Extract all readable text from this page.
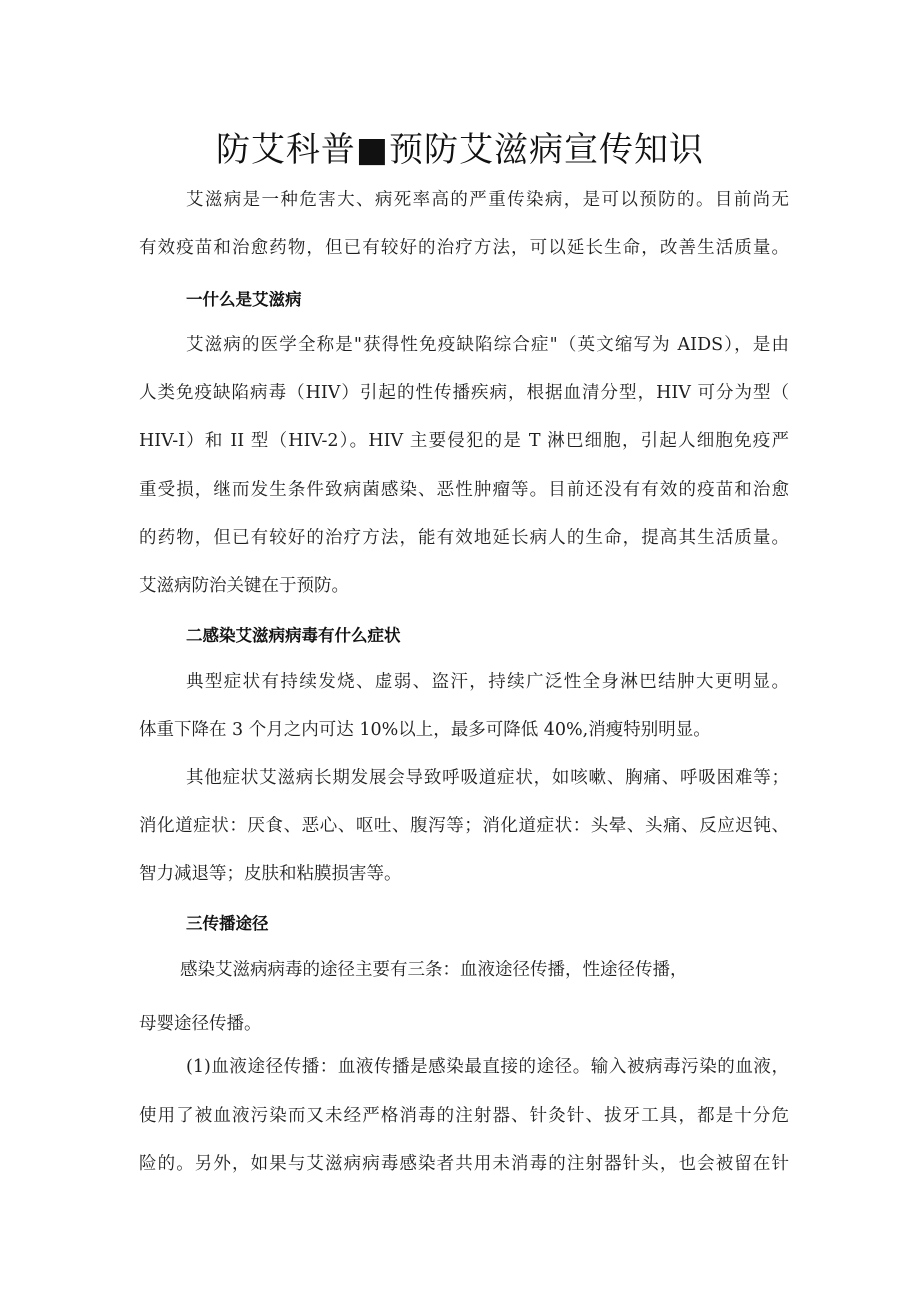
防艾科普■预防艾滋病宣传知识
艾滋病是一种危害大、病死率高的严重传染病，是可以预防的。目前尚无
有效疫苗和治愈药物，但已有较好的治疗方法，可以延长生命，改善生活质量。
一什么是艾滋病
艾滋病的医学全称是"获得性免疫缺陷综合症"（英文缩写为 AIDS），是由
人类免疫缺陷病毒（HIV）引起的性传播疾病，根据血清分型，HIV 可分为型（
HIV-I）和 II 型（HIV-2）。HIV 主要侵犯的是 T 淋巴细胞，引起人细胞免疫严
重受损，继而发生条件致病菌感染、恶性肿瘤等。目前还没有有效的疫苗和治愈
的药物，但已有较好的治疗方法，能有效地延长病人的生命，提高其生活质量。
艾滋病防治关键在于预防。
二感染艾滋病病毒有什么症状
典型症状有持续发烧、虚弱、盗汗，持续广泛性全身淋巴结肿大更明显。
体重下降在 3 个月之内可达 10%以上，最多可降低 40%,消瘦特别明显。
其他症状艾滋病长期发展会导致呼吸道症状，如咳嗽、胸痛、呼吸困难等；
消化道症状：厌食、恶心、呕吐、腹泻等；消化道症状：头晕、头痛、反应迟钝、
智力减退等；皮肤和粘膜损害等。
三传播途径
感染艾滋病病毒的途径主要有三条：血液途径传播，性途径传播，
母婴途径传播。
(1)血液途径传播：血液传播是感染最直接的途径。输入被病毒污染的血液，
使用了被血液污染而又未经严格消毒的注射器、针灸针、拔牙工具，都是十分危
险的。另外，如果与艾滋病病毒感染者共用未消毒的注射器针头，也会被留在针
